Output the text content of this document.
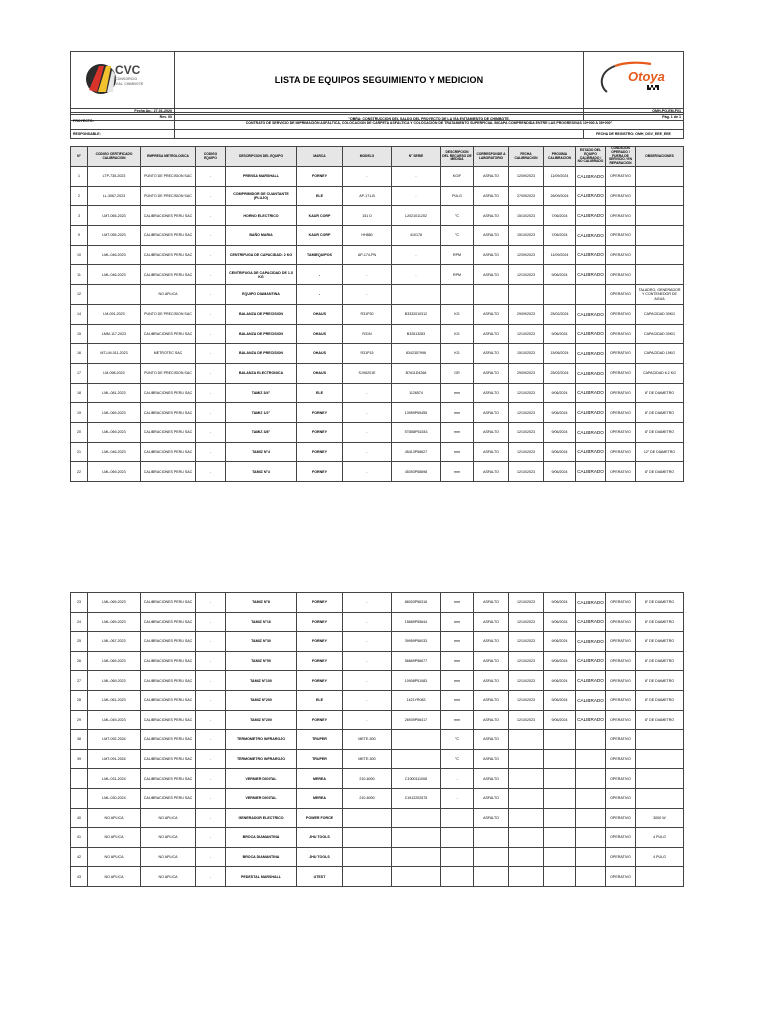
CVC
CONSORCIO
VIAL CHIMBOTE	LISTA DE EQUIPOS SEGUIMIENTO Y MEDICION	Otoya

Fecha Ap.: 27-01-2020		OMH-PG-EM-F01
Rev. 00		Pág. 1 de 1
PROYECTO:	"OBRA: CONSTRUCCION DEL SALDO DEL PROYECTO DE LA VÍA EVITAMIENTO DE CHIMBOTE.
CONTRATO DE SERVICIO DE IMPRIMACIÓN ASFÁLTICA, COLOCACION DE CARPETA ASFÁLTICA Y COLOCACIÓN DE TRATAMIENTO SUPERFICIAL BICAPA COMPRENDIDA ENTRE LAS PROGRESIVAS 10+000 A 35+000"	

RESPONSABLE:		FECHA DE REGISTRO: OMH_DGV_EEE_EEE
N°	CODIGO CERTIFICADO CALIBRACION	EMPRESA METROLOGICA	CODIGO EQUIPO	DESCRIPCION DEL EQUIPO	MARCA	MODELO	N° SERIE	DESCRIPCION DEL RECURSO DE MEDIDA	CORRESPONDE A LABORATORIO	FECHA CALIBRACION	PROXIMA CALIBRACION	ESTADO DEL EQUIPO CALIBRADO / NO CALIBRADO	CONDICION OPERADO / FUERA DE SERVICIO / EN REPARACION	OBSERVACIONES
1	LTP-735-2023	PUNTO DE PRECISION SAC	-	PRENSA MARSHALL	FORNEY	-	-	KG/F	ASFALTO	12/09/2023	11/09/2024	CALIBRADO	OPERATIVO	
2	LL-3067-2023	PUNTO DE PRECISION SAC	-	COMPRIMIDOR DE CUANTANTE (PLUJO)	ELE	AP-171-B	-	PULG	ASFALTO	27/09/2023	26/09/2024	CALIBRADO	OPERATIVO	
3	LMT-065-2023	CALIBRACIONES PERU SAC	-	HORNO ELECTRICO	KAUR CORP	151 D	L2021011202	°C	ASFALTO	15/10/2023	7/06/2024	CALIBRADO	OPERATIVO	
9	LMT-055-2023	CALIBRACIONES PERU SAC	-	BAÑO MARIA	KAUR CORP	HH880	410178	°C	ASFALTO	15/10/2023	7/06/2024	CALIBRADO	OPERATIVO	
10	LML-046-2023	CALIBRACIONES PERU SAC	-	CENTRIFUGA DE CAPACIDAD: 2 KG	TAMIEQUIPOS	AP-174-PN	-	RPM	ASFALTO	12/09/2023	11/09/2024	CALIBRADO	OPERATIVO	
11	LML-046-2023	CALIBRACIONES PERU SAC	-	CENTRIFUGA DE CAPACIDAD DE 1.5 KG	-	-	-	RPM	ASFALTO	12/10/2023	9/06/2024	CALIBRADO	OPERATIVO	
12		NO APLICA	-	EQUIPO DIAMANTINA	-	-							OPERATIVO	TALADRO, GENERADOR Y CONTENEDOR DE AGUA
14	LM-091-2023	PUNTO DE PRECISION SAC	-	BALANZA DE PRECISION	OHAUS	R31P30	B3332010312	KG	ASFALTO	29/09/2023	25/02/2024	CALIBRADO	OPERATIVO	CAPACIDAD 30KG
15	LMM-117-2023	CALIBRACIONES PERU SAC	-	BALANZA DE PRECISION	OHAUS	R31N	B32613283	KG	ASFALTO	12/10/2023	9/06/2024	CALIBRADO	OPERATIVO	CAPACIDAD 30KG
16	MT-LM-011-2023	METROTEC SAC	-	BALANZA DE PRECISION	OHAUS	R31P15	8342357996	KG	ASFALTO	15/10/2023	15/06/2024	CALIBRADO	OPERATIVO	CAPACIDAD 15KG
17	LM-098-2023	PUNTO DE PRECISION SAC	-	BALANZA ELECTRONICA	OHAUS	SJX6201E	B7611D4268	GR	ASFALTO	29/09/2023	25/02/2024	CALIBRADO	OPERATIVO	CAPACIDAD 6.2 KG
18	LML-081-2023	CALIBRACIONES PERU SAC	-	TAMIZ 3/4"	ELE	-	1126574	mm	ASFALTO	12/10/2023	9/06/2024	CALIBRADO	OPERATIVO	8" DE DIAMETRO
19	LML-069-2023	CALIBRACIONES PERU SAC	-	TAMIZ 1/2"	FORNEY	-	13959P65455	mm	ASFALTO	12/10/2023	9/06/2024	CALIBRADO	OPERATIVO	8" DE DIAMETRO
20	LML-069-2023	CALIBRACIONES PERU SAC	-	TAMIZ 3/8"	FORNEY	-	ST858P51543	mm	ASFALTO	12/10/2023	9/06/2024	CALIBRADO	OPERATIVO	8" DE DIAMETRO
21	LML-046-2023	CALIBRACIONES PERU SAC	-	TAMIZ N°4	FORNEY	-	45413P56627	mm	ASFALTO	12/10/2023	9/06/2024	CALIBRADO	OPERATIVO	12" DE DIAMETRO
22	LML-069-2023	CALIBRACIONES PERU SAC	-	TAMIZ N°4	FORNEY	-	45393P58698	mm	ASFALTO	12/10/2023	9/06/2024	CALIBRADO	OPERATIVO	8" DE DIAMETRO
23	LML-069-2023	CALIBRACIONES PERU SAC	-	TAMIZ N°8	FORNEY	-	86003P56316	mm	ASFALTO	12/10/2023	9/06/2024	CALIBRADO	OPERATIVO	8" DE DIAMETRO
24	LML-069-2023	CALIBRACIONES PERU SAC	-	TAMIZ N°16	FORNEY	-	15689P55644	mm	ASFALTO	12/10/2023	9/06/2024	CALIBRADO	OPERATIVO	8" DE DIAMETRO
25	LML-067-2023	CALIBRACIONES PERU SAC	-	TAMIZ N°30	FORNEY	-	39959P56033	mm	ASFALTO	12/10/2023	9/06/2024	CALIBRADO	OPERATIVO	8" DE DIAMETRO
26	LML-069-2023	CALIBRACIONES PERU SAC	-	TAMIZ N°50	FORNEY	-	56669P56677	mm	ASFALTO	12/10/2023	9/06/2024	CALIBRADO	OPERATIVO	8" DE DIAMETRO
27	LML-069-2023	CALIBRACIONES PERU SAC	-	TAMIZ N°100	FORNEY	-	10908P51083	mm	ASFALTO	12/10/2023	9/06/2024	CALIBRADO	OPERATIVO	8" DE DIAMETRO
28	LML-061-2023	CALIBRACIONES PERU SAC	-	TAMIZ N°200	ELE	-	1421YR083	mm	ASFALTO	12/10/2023	9/06/2024	CALIBRADO	OPERATIVO	8" DE DIAMETRO
29	LML-049-2023	CALIBRACIONES PERU SAC	-	TAMIZ N°200	FORNEY	-	26939P56417	mm	ASFALTO	12/10/2023	9/06/2024	CALIBRADO	OPERATIVO	8" DE DIAMETRO
38	LMT-092-2024	CALIBRACIONES PERU SAC	-	TERMOMETRO INFRAROJO	TRUPER	METE-500		°C	ASFALTO				OPERATIVO	
39	LMT-091-2024	CALIBRACIONES PERU SAC	-	TERMOMETRO INFRAROJO	TRUPER	METE-500		°C	ASFALTO				OPERATIVO	
	LML-031-2024	CALIBRACIONES PERU SAC	-	VERNIER DIGITAL	MEREA	210-6000	C1000111008	-	ASFALTO				OPERATIVO	
	LML-030-2024	CALIBRACIONES PERU SAC	-	VERNIER DIGITAL	MEREA	210-6000	C1912202575	-	ASFALTO				OPERATIVO	
40	NO APLICA	NO APLICA	-	GENERADOR ELECTRICO	POWER FORCE				ASFALTO				OPERATIVO	3000 W
41	NO APLICA	NO APLICA	-	BROCA DIAMANTINA	JHU TOOLS								OPERATIVO	4 PULG
42	NO APLICA	NO APLICA	-	BROCA DIAMANTINA	JHU TOOLS								OPERATIVO	4 PULG
43	NO APLICA	NO APLICA	-	PEDESTAL MARSHALL	UTEST								OPERATIVO	
